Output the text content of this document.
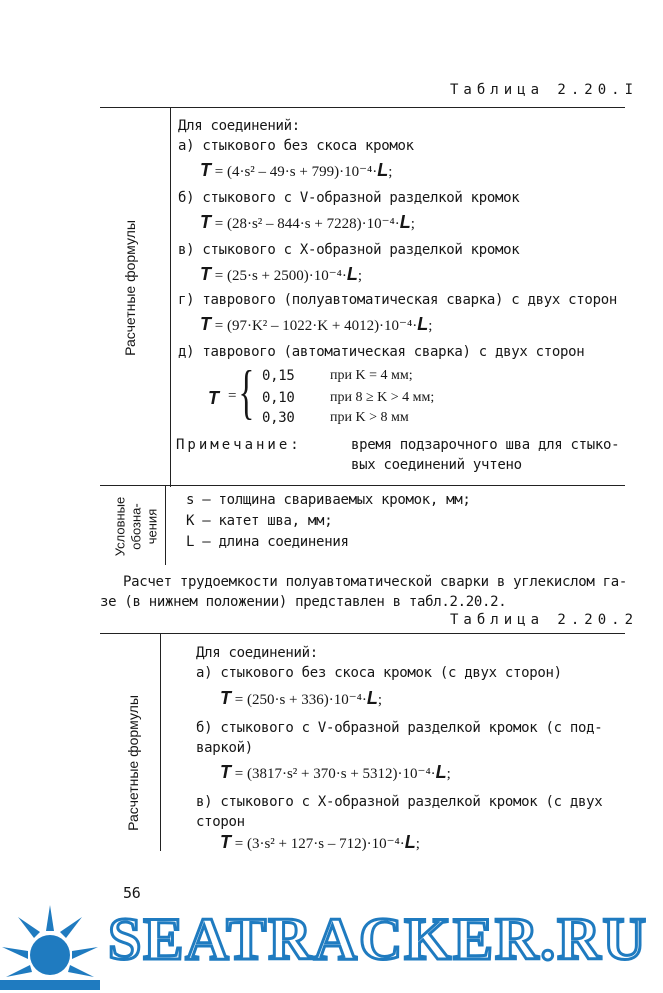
Таблица 2.20.I
Расчетные формулы
Для соединений:
а) стыкового без скоса кромок
T = (4·s² – 49·s + 799)·10⁻⁴·L;
б) стыкового с V-образной разделкой кромок
T = (28·s² – 844·s + 7228)·10⁻⁴·L;
в) стыкового с X-образной разделкой кромок
T = (25·s + 2500)·10⁻⁴·L;
г) таврового (полуавтоматическая сварка) с двух сторон
T = (97·K² – 1022·K + 4012)·10⁻⁴·L;
д) таврового (автоматическая сварка) с двух сторон
T = { 0,15	при K = 4 мм;
0,10	при 8 ≥ K > 4 мм;
0,30	при K > 8 мм
Примечание:	время подзарочного шва для стыко-
вых соединений учтено
Условные обозна- чения
s – толщина свариваемых кромок, мм;
K – катет шва, мм;
L – длина соединения
Расчет трудоемкости полуавтоматической сварки в углекислом га-
зе (в нижнем положении) представлен в табл.2.20.2.
Таблица 2.20.2
Расчетные формулы
Для соединений:
а) стыкового без скоса кромок (с двух сторон)
T = (250·s + 336)·10⁻⁴·L;
б) стыкового с V-образной разделкой кромок (с под-
варкой)
T = (3817·s² + 370·s + 5312)·10⁻⁴·L;
в) стыкового с X-образной разделкой кромок (с двух
сторон
T = (3·s² + 127·s – 712)·10⁻⁴·L;
56
SEATRACKER.RU
